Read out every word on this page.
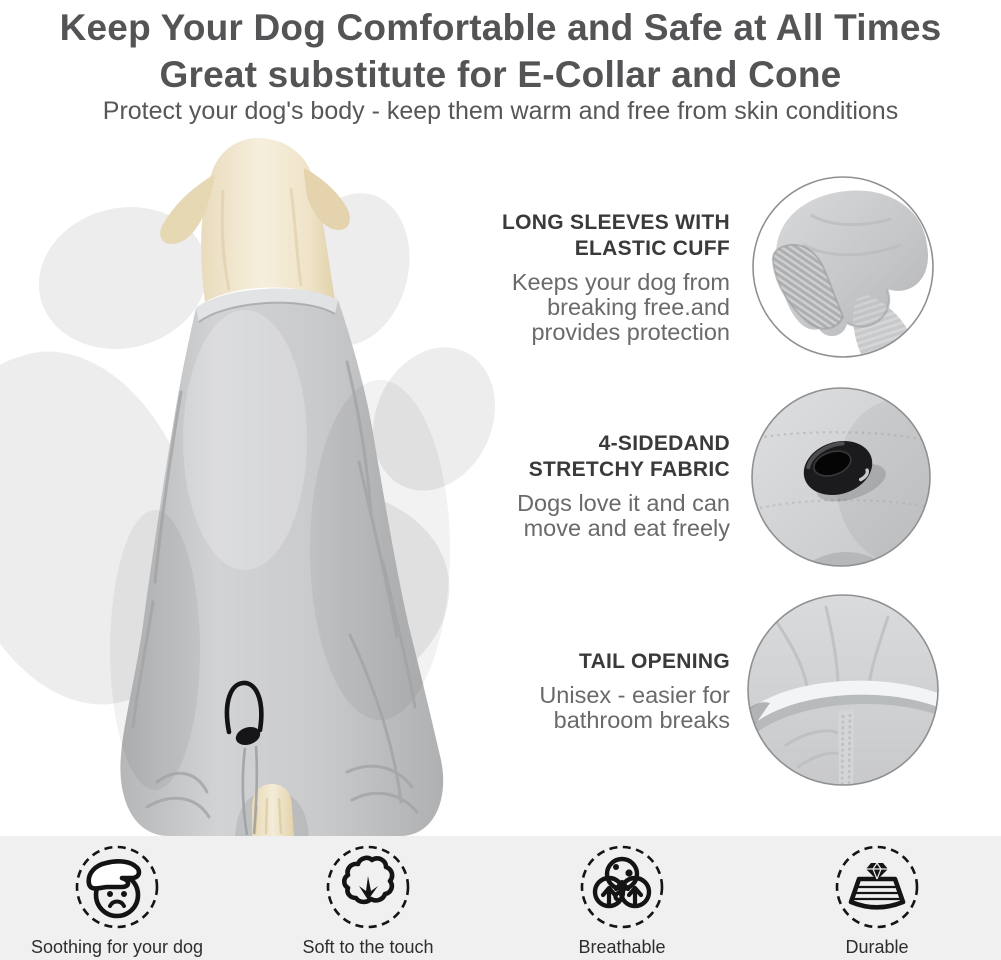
Keep Your Dog Comfortable and Safe at All Times
Great substitute for E-Collar and Cone
Protect your dog's body - keep them warm and free from skin conditions
LONG SLEEVES WITH
ELASTIC CUFF
Keeps your dog from
breaking free.and
provides protection
4-SIDEDAND
STRETCHY FABRIC
Dogs love it and can
move and eat freely
TAIL OPENING
Unisex - easier for
bathroom breaks
Soothing for your dog	Soft to the touch	Breathable	Durable
